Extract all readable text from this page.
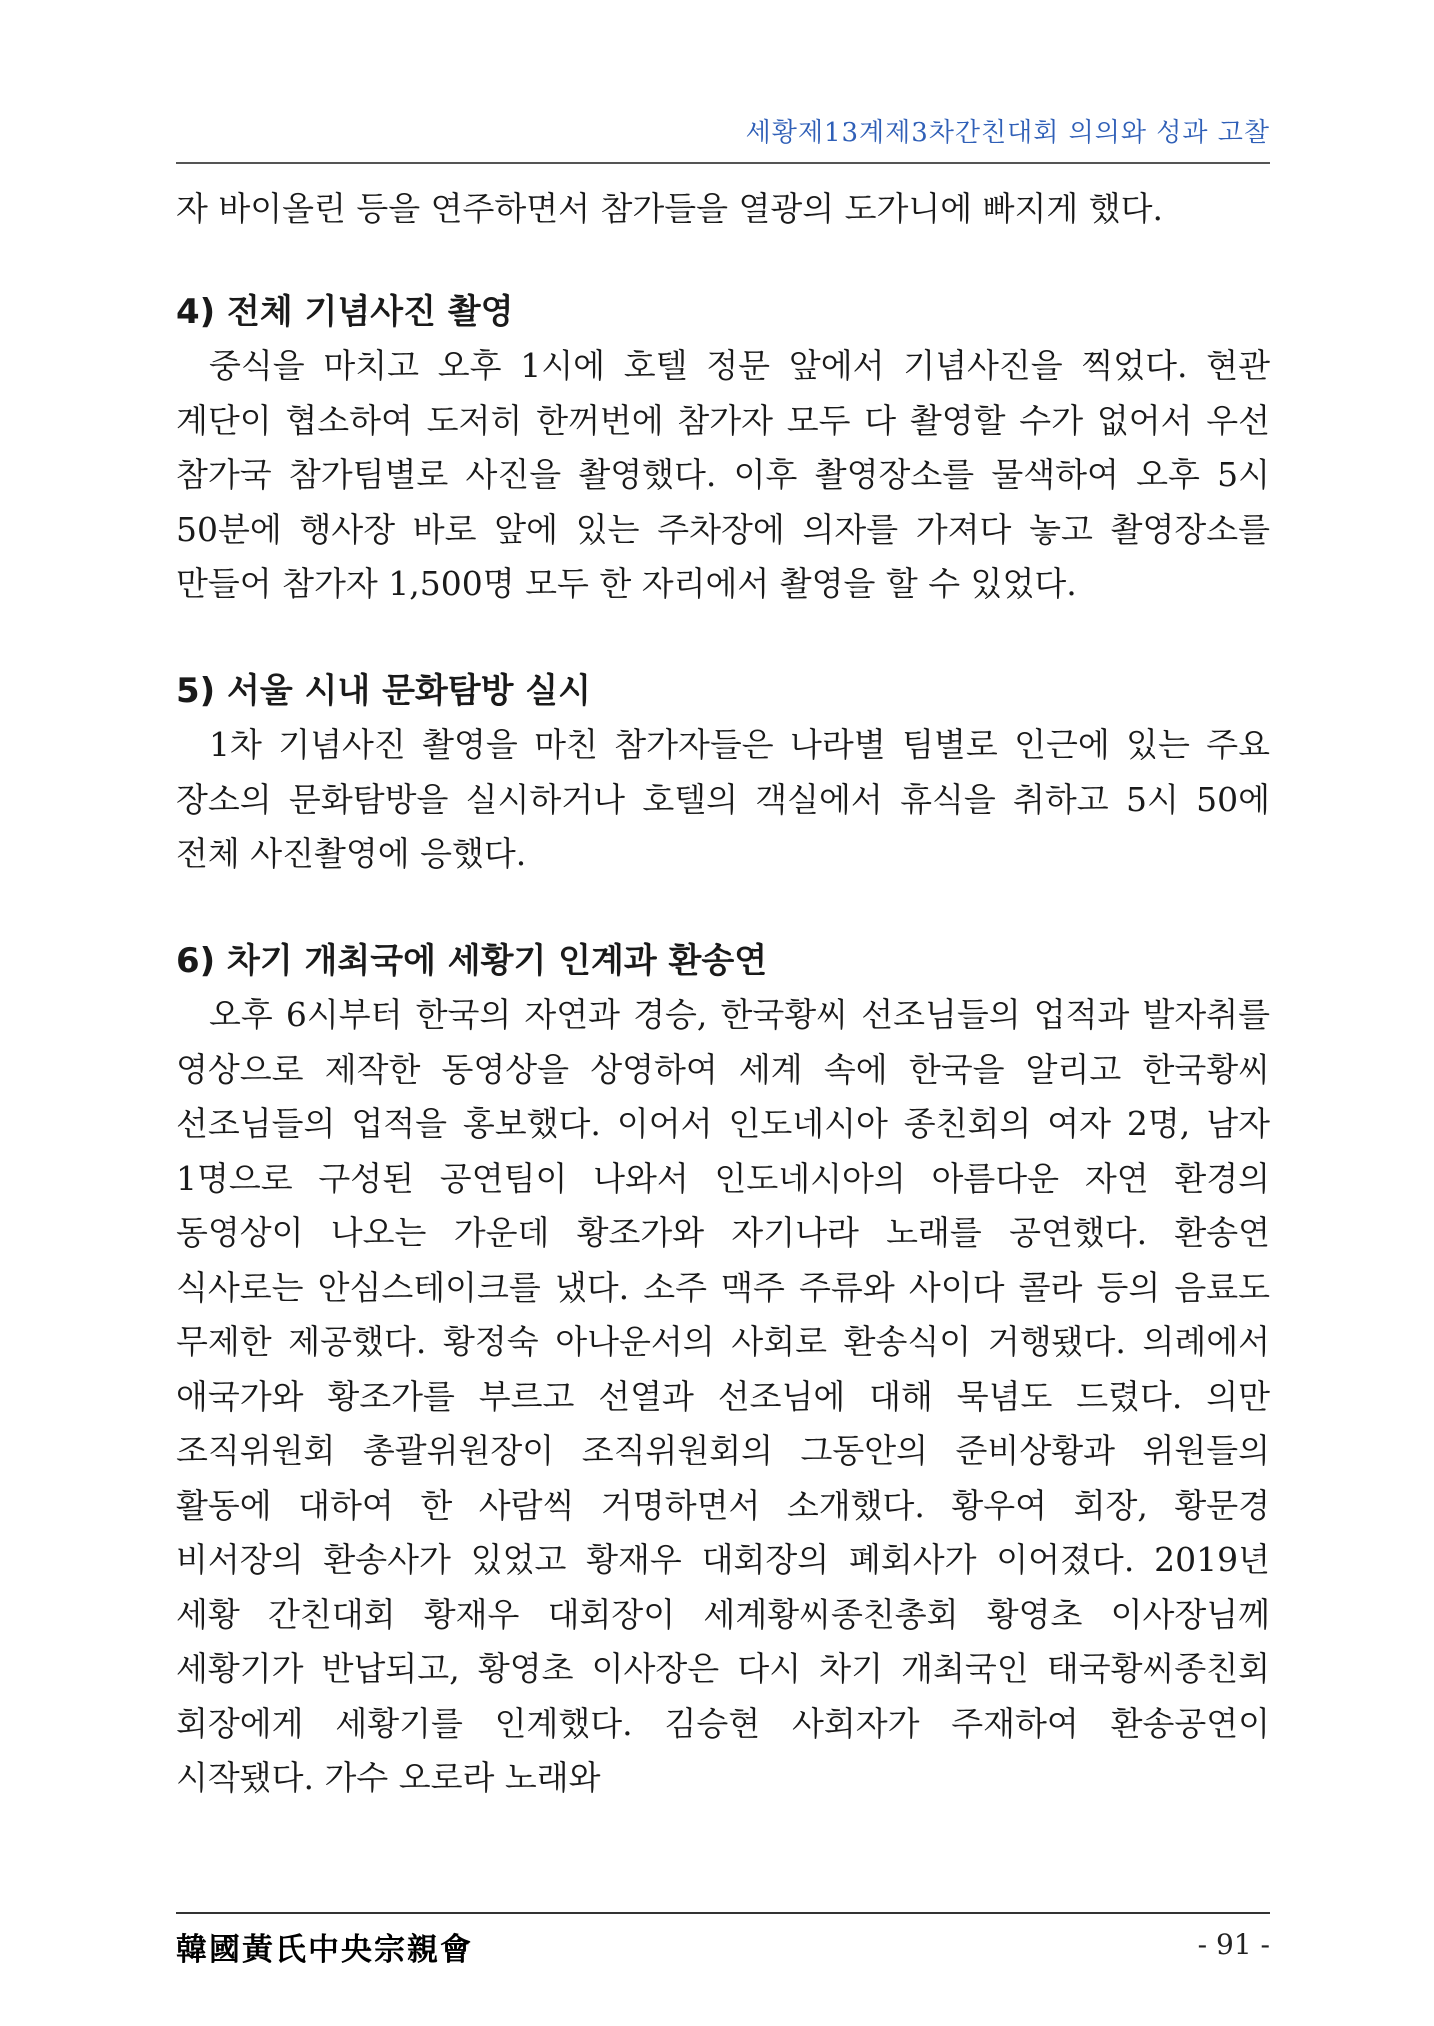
세황제13계제3차간친대회 의의와 성과 고찰

자 바이올린 등을 연주하면서 참가들을 열광의 도가니에 빠지게 했다.

4) 전체 기념사진 촬영

중식을 마치고 오후 1시에 호텔 정문 앞에서 기념사진을 찍었다. 현관 계단이 협소하여 도저히 한꺼번에 참가자 모두 다 촬영할 수가 없어서 우선 참가국 참가팀별로 사진을 촬영했다. 이후 촬영장소를 물색하여 오후 5시 50분에 행사장 바로 앞에 있는 주차장에 의자를 가져다 놓고 촬영장소를 만들어 참가자 1,500명 모두 한 자리에서 촬영을 할 수 있었다.

5) 서울 시내 문화탐방 실시

1차 기념사진 촬영을 마친 참가자들은 나라별 팀별로 인근에 있는 주요 장소의 문화탐방을 실시하거나 호텔의 객실에서 휴식을 취하고 5시 50에 전체 사진촬영에 응했다.

6) 차기 개최국에 세황기 인계과 환송연

오후 6시부터 한국의 자연과 경승, 한국황씨 선조님들의 업적과 발자취를 영상으로 제작한 동영상을 상영하여 세계 속에 한국을 알리고 한국황씨 선조님들의 업적을 홍보했다. 이어서 인도네시아 종친회의 여자 2명, 남자 1명으로 구성된 공연팀이 나와서 인도네시아의 아름다운 자연 환경의 동영상이 나오는 가운데 황조가와 자기나라 노래를 공연했다. 환송연 식사로는 안심스테이크를 냈다. 소주 맥주 주류와 사이다 콜라 등의 음료도 무제한 제공했다. 황정숙 아나운서의 사회로 환송식이 거행됐다. 의례에서 애국가와 황조가를 부르고 선열과 선조님에 대해 묵념도 드렸다. 의만 조직위원회 총괄위원장이 조직위원회의 그동안의 준비상황과 위원들의 활동에 대하여 한 사람씩 거명하면서 소개했다. 황우여 회장, 황문경 비서장의 환송사가 있었고 황재우 대회장의 폐회사가 이어졌다. 2019년 세황 간친대회 황재우 대회장이 세계황씨종친총회 황영초 이사장님께 세황기가 반납되고, 황영초 이사장은 다시 차기 개최국인 태국황씨종친회 회장에게 세황기를 인계했다. 김승현 사회자가 주재하여 환송공연이 시작됐다. 가수 오로라 노래와

韓國黃氏中央宗親會	- 91 -
